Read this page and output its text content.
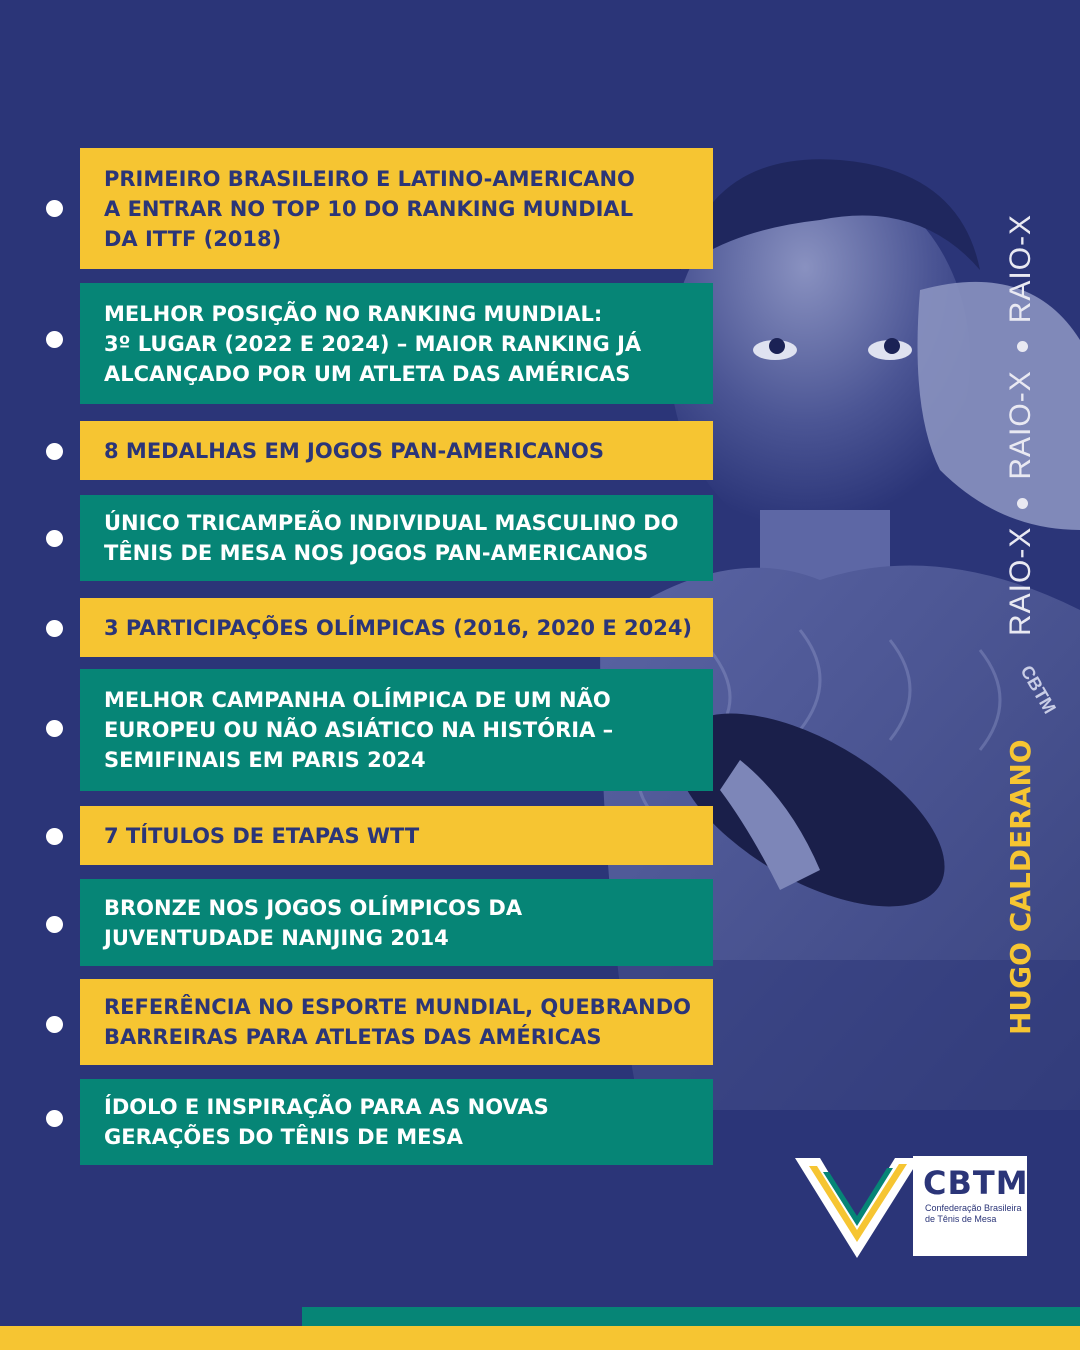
CBTM
PRIMEIRO BRASILEIRO E LATINO-AMERICANO
A ENTRAR NO TOP 10 DO RANKING MUNDIAL
DA ITTF (2018)
MELHOR POSIÇÃO NO RANKING MUNDIAL:
3º LUGAR (2022 E 2024) – MAIOR RANKING JÁ
ALCANÇADO POR UM ATLETA DAS AMÉRICAS
8 MEDALHAS EM JOGOS PAN-AMERICANOS
ÚNICO TRICAMPEÃO INDIVIDUAL MASCULINO DO
TÊNIS DE MESA NOS JOGOS PAN-AMERICANOS
3 PARTICIPAÇÕES OLÍMPICAS (2016, 2020 E 2024)
MELHOR CAMPANHA OLÍMPICA DE UM NÃO
EUROPEU OU NÃO ASIÁTICO NA HISTÓRIA –
SEMIFINAIS EM PARIS 2024
7 TÍTULOS DE ETAPAS WTT
BRONZE NOS JOGOS OLÍMPICOS DA
JUVENTUDADE NANJING 2014
REFERÊNCIA NO ESPORTE MUNDIAL, QUEBRANDO
BARREIRAS PARA ATLETAS DAS AMÉRICAS
ÍDOLO E INSPIRAÇÃO PARA AS NOVAS
GERAÇÕES DO TÊNIS DE MESA
RAIO-XRAIO-XRAIO-X
HUGO CALDERANO
CBTM
Confederação Brasileira
de Tênis de Mesa
